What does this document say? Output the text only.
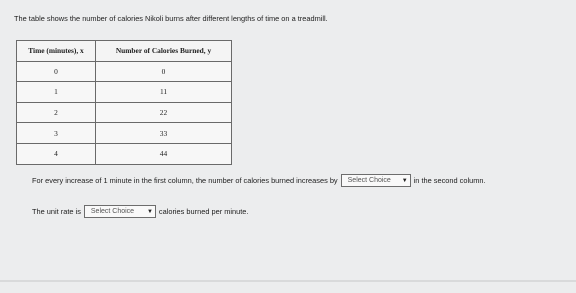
The table shows the number of calories Nikoli burns after different lengths of time on a treadmill.
Time (minutes), x	Number of Calories Burned, y
0	0
1	11
2	22
3	33
4	44
For every increase of 1 minute in the first column, the number of calories burned increases by Select Choice	▼ in the second column.
The unit rate is Select Choice	▼ calories burned per minute.
